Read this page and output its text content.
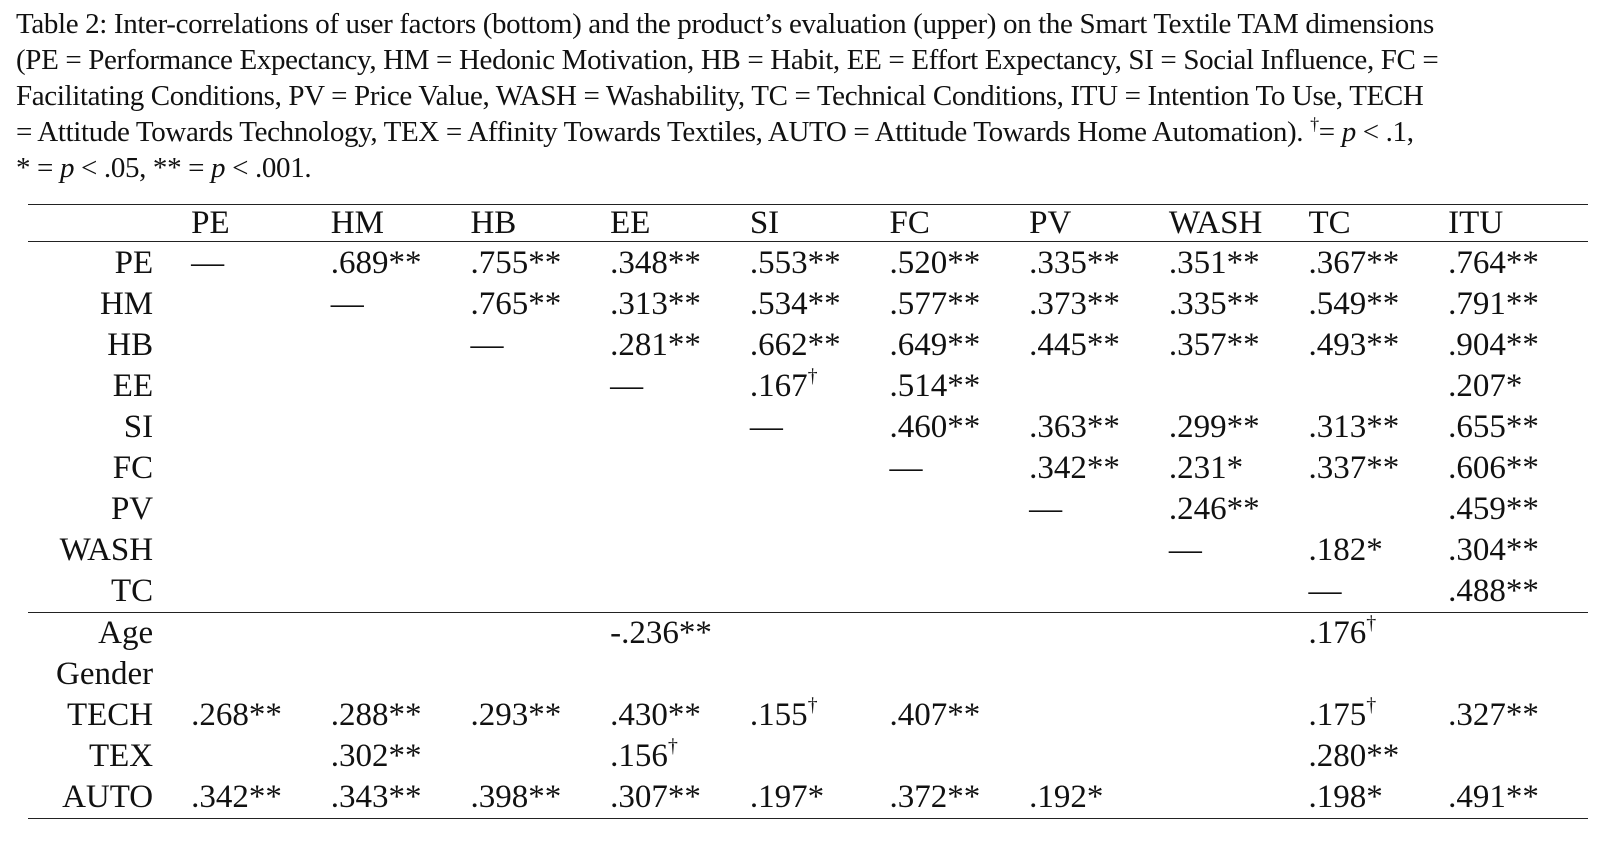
Table 2: Inter-correlations of user factors (bottom) and the product’s evaluation (upper) on the Smart Textile TAM dimensions
(PE = Performance Expectancy, HM = Hedonic Motivation, HB = Habit, EE = Effort Expectancy, SI = Social Influence, FC =
Facilitating Conditions, PV = Price Value, WASH = Washability, TC = Technical Conditions, ITU = Intention To Use, TECH
= Attitude Towards Technology, TEX = Affinity Towards Textiles, AUTO = Attitude Towards Home Automation). †= p < .1,
* = p < .05, ** = p < .001.
	PE	HM	HB	EE	SI	FC	PV	WASH	TC	ITU
PE	—	.689**	.755**	.348**	.553**	.520**	.335**	.351**	.367**	.764**
HM		—	.765**	.313**	.534**	.577**	.373**	.335**	.549**	.791**
HB			—	.281**	.662**	.649**	.445**	.357**	.493**	.904**
EE				—	.167†	.514**				.207*
SI					—	.460**	.363**	.299**	.313**	.655**
FC						—	.342**	.231*	.337**	.606**
PV							—	.246**		.459**
WASH								—	.182*	.304**
TC									—	.488**
Age				-.236**					.176†	
Gender										
TECH	.268**	.288**	.293**	.430**	.155†	.407**			.175†	.327**
TEX		.302**		.156†					.280**	
AUTO	.342**	.343**	.398**	.307**	.197*	.372**	.192*		.198*	.491**
